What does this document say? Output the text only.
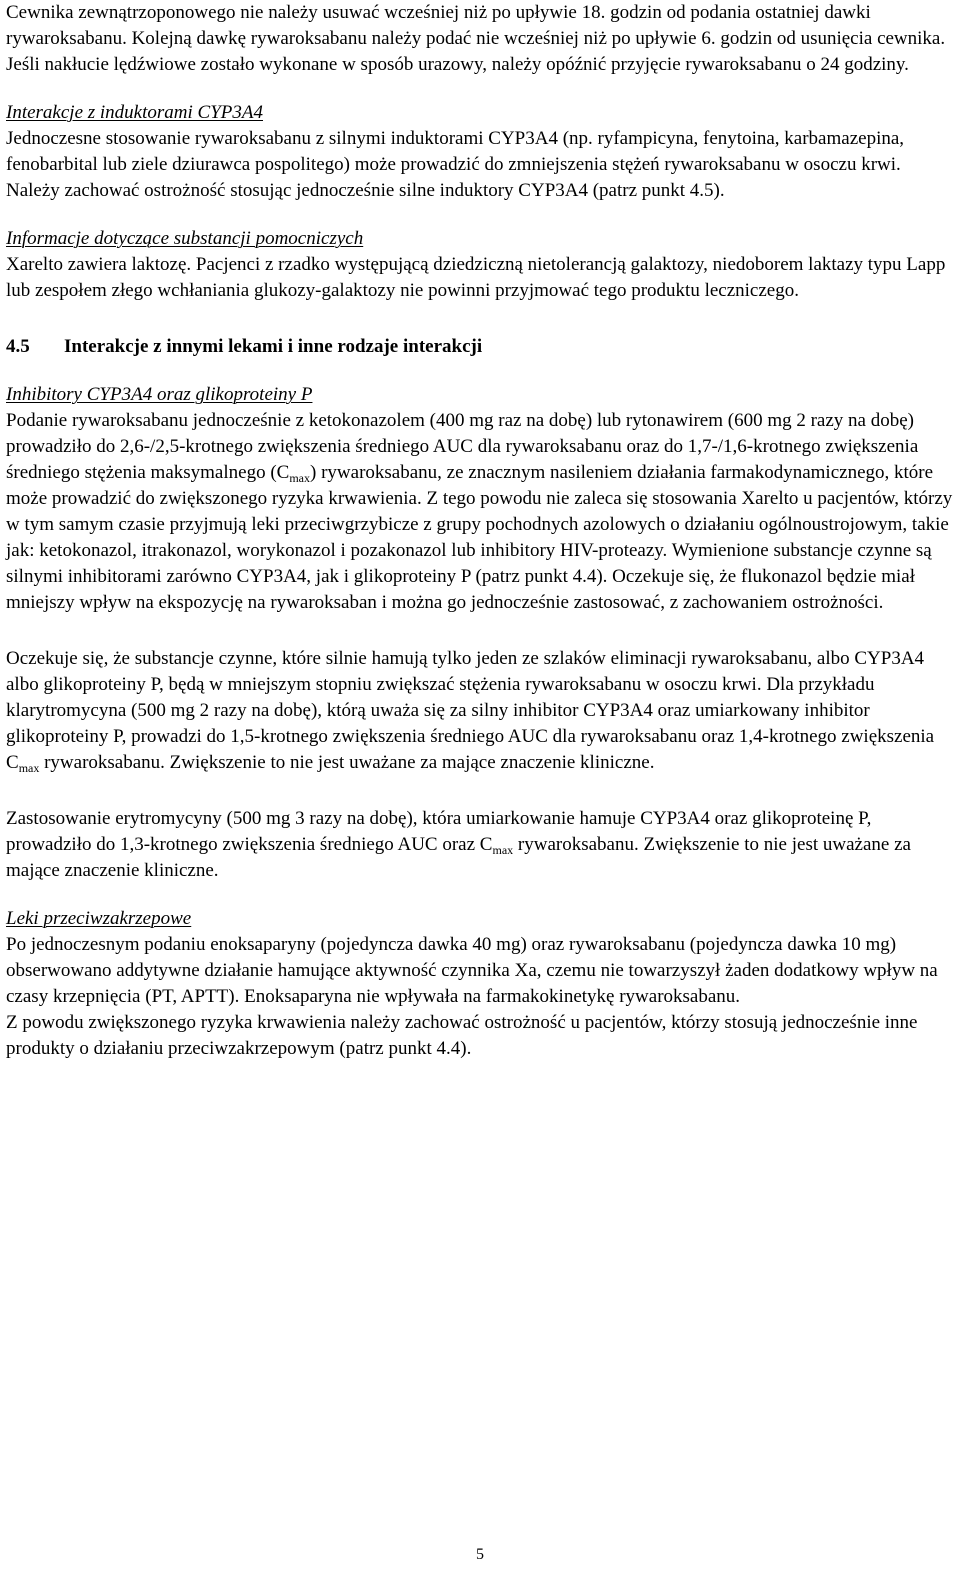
Cewnika zewnątrzoponowego nie należy usuwać wcześniej niż po upływie 18. godzin od podania ostatniej dawki rywaroksabanu. Kolejną dawkę rywaroksabanu należy podać nie wcześniej niż po upływie 6. godzin od usunięcia cewnika.

Jeśli nakłucie lędźwiowe zostało wykonane w sposób urazowy, należy opóźnić przyjęcie rywaroksabanu o 24 godziny.

Interakcje z induktorami CYP3A4

Jednoczesne stosowanie rywaroksabanu z silnymi induktorami CYP3A4 (np. ryfampicyna, fenytoina, karbamazepina, fenobarbital lub ziele dziurawca pospolitego) może prowadzić do zmniejszenia stężeń rywaroksabanu w osoczu krwi. Należy zachować ostrożność stosując jednocześnie silne induktory CYP3A4 (patrz punkt 4.5).

Informacje dotyczące substancji pomocniczych

Xarelto zawiera laktozę. Pacjenci z rzadko występującą dziedziczną nietolerancją galaktozy, niedoborem laktazy typu Lapp lub zespołem złego wchłaniania glukozy-galaktozy nie powinni przyjmować tego produktu leczniczego.

4.5 Interakcje z innymi lekami i inne rodzaje interakcji

Inhibitory CYP3A4 oraz glikoproteiny P

Podanie rywaroksabanu jednocześnie z ketokonazolem (400 mg raz na dobę) lub rytonawirem (600 mg 2 razy na dobę) prowadziło do 2,6-/2,5-krotnego zwiększenia średniego AUC dla rywaroksabanu oraz do 1,7-/1,6-krotnego zwiększenia średniego stężenia maksymalnego $(C_{max})$ rywaroksabanu, ze znacznym nasileniem działania farmakodynamicznego, które może prowadzić do zwiększonego ryzyka krwawienia. Z tego powodu nie zaleca się stosowania Xarelto u pacjentów, którzy w tym samym czasie przyjmują leki przeciwgrzybicze z grupy pochodnych azolowych o działaniu ogólnoustrojowym, takie jak: ketokonazol, itrakonazol, worykonazol i pozakonazol lub inhibitory HIV-proteazy. Wymienione substancje czynne są silnymi inhibitorami zarówno CYP3A4, jak i glikoproteiny P (patrz punkt 4.4). Oczekuje się, że flukonazol będzie miał mniejszy wpływ na ekspozycję na rywaroksaban i można go jednocześnie zastosować, z zachowaniem ostrożności.

Oczekuje się, że substancje czynne, które silnie hamują tylko jeden ze szlaków eliminacji rywaroksabanu, albo CYP3A4 albo glikoproteiny P, będą w mniejszym stopniu zwiększać stężenia rywaroksabanu w osoczu krwi. Dla przykładu klarytromycyna (500 mg 2 razy na dobę), którą uważa się za silny inhibitor CYP3A4 oraz umiarkowany inhibitor glikoproteiny P, prowadzi do 1,5-krotnego zwiększenia średniego AUC dla rywaroksabanu oraz 1,4-krotnego zwiększenia $C_{max}$ rywaroksabanu. Zwiększenie to nie jest uważane za mające znaczenie kliniczne.

Zastosowanie erytromycyny (500 mg 3 razy na dobę), która umiarkowanie hamuje CYP3A4 oraz glikoproteinę P, prowadziło do 1,3-krotnego zwiększenia średniego AUC oraz $C_{max}$ rywaroksabanu. Zwiększenie to nie jest uważane za mające znaczenie kliniczne.

Leki przeciwzakrzepowe

Po jednoczesnym podaniu enoksaparyny (pojedyncza dawka 40 mg) oraz rywaroksabanu (pojedyncza dawka 10 mg) obserwowano addytywne działanie hamujące aktywność czynnika Xa, czemu nie towarzyszył żaden dodatkowy wpływ na czasy krzepnięcia (PT, APTT). Enoksaparyna nie wpływała na farmakokinetykę rywaroksabanu.

Z powodu zwiększonego ryzyka krwawienia należy zachować ostrożność u pacjentów, którzy stosują jednocześnie inne produkty o działaniu przeciwzakrzepowym (patrz punkt 4.4).

5
